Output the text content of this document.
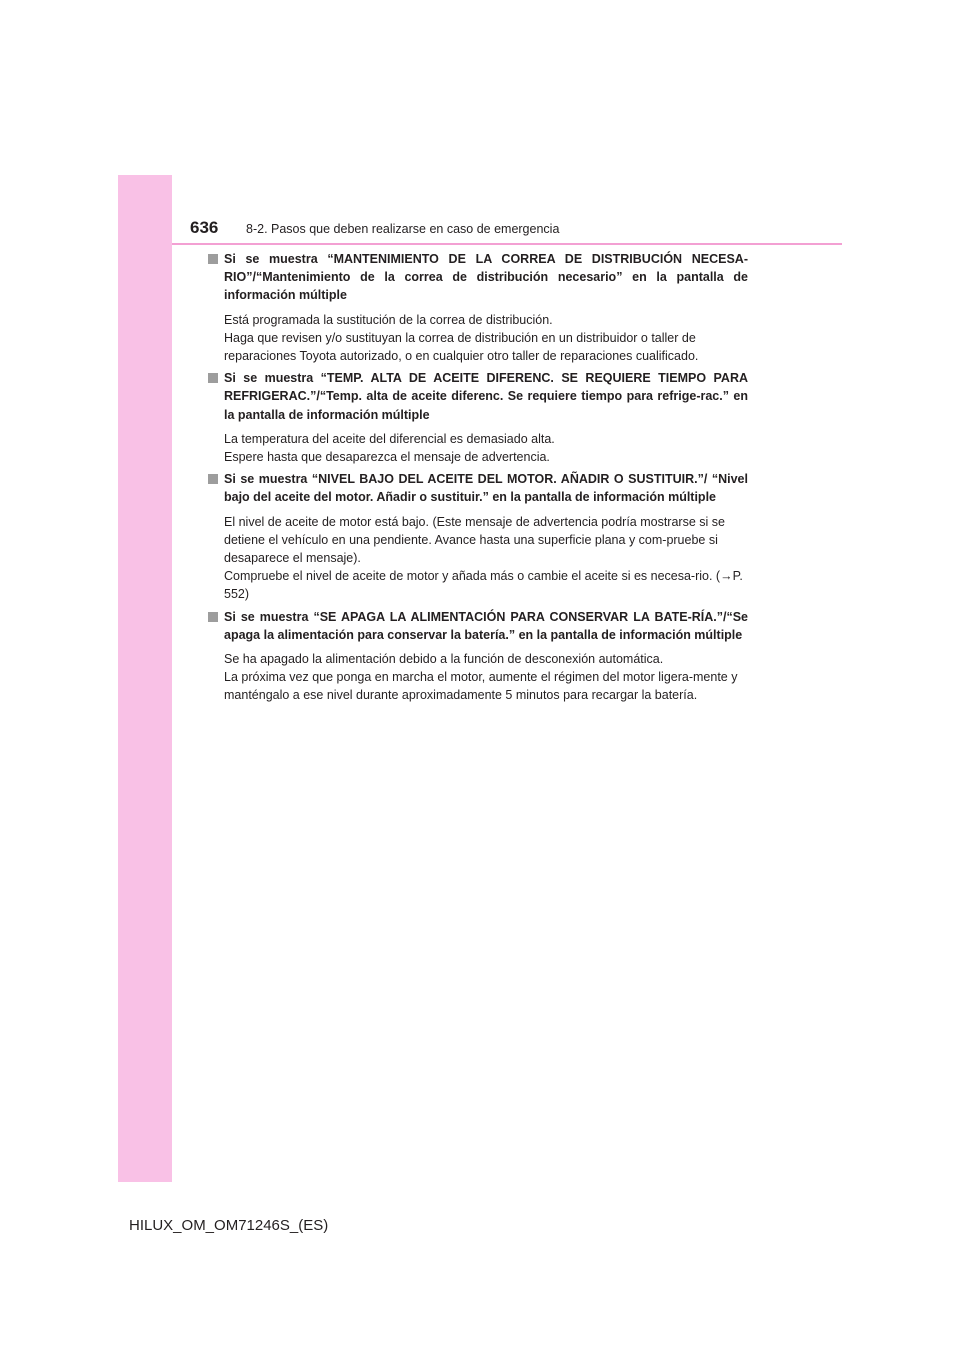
636 8-2. Pasos que deben realizarse en caso de emergencia

Si se muestra “MANTENIMIENTO DE LA CORREA DE DISTRIBUCIÓN NECESA-RIO”/“Mantenimiento de la correa de distribución necesario” en la pantalla de información múltiple

Está programada la sustitución de la correa de distribución.

Haga que revisen y/o sustituyan la correa de distribución en un distribuidor o taller de reparaciones Toyota autorizado, o en cualquier otro taller de reparaciones cualificado.

Si se muestra “TEMP. ALTA DE ACEITE DIFERENC. SE REQUIERE TIEMPO PARA REFRIGERAC.”/“Temp. alta de aceite diferenc. Se requiere tiempo para refrige-rac.” en la pantalla de información múltiple

La temperatura del aceite del diferencial es demasiado alta.

Espere hasta que desaparezca el mensaje de advertencia.

Si se muestra “NIVEL BAJO DEL ACEITE DEL MOTOR. AÑADIR O SUSTITUIR.”/ “Nivel bajo del aceite del motor. Añadir o sustituir.” en la pantalla de información múltiple

El nivel de aceite de motor está bajo. (Este mensaje de advertencia podría mostrarse si se detiene el vehículo en una pendiente. Avance hasta una superficie plana y com-pruebe si desaparece el mensaje).

Compruebe el nivel de aceite de motor y añada más o cambie el aceite si es necesa-rio. (→P. 552)

Si se muestra “SE APAGA LA ALIMENTACIÓN PARA CONSERVAR LA BATE-RÍA.”/“Se apaga la alimentación para conservar la batería.” en la pantalla de información múltiple

Se ha apagado la alimentación debido a la función de desconexión automática.

La próxima vez que ponga en marcha el motor, aumente el régimen del motor ligera-mente y manténgalo a ese nivel durante aproximadamente 5 minutos para recargar la batería.

HILUX_OM_OM71246S_(ES)
